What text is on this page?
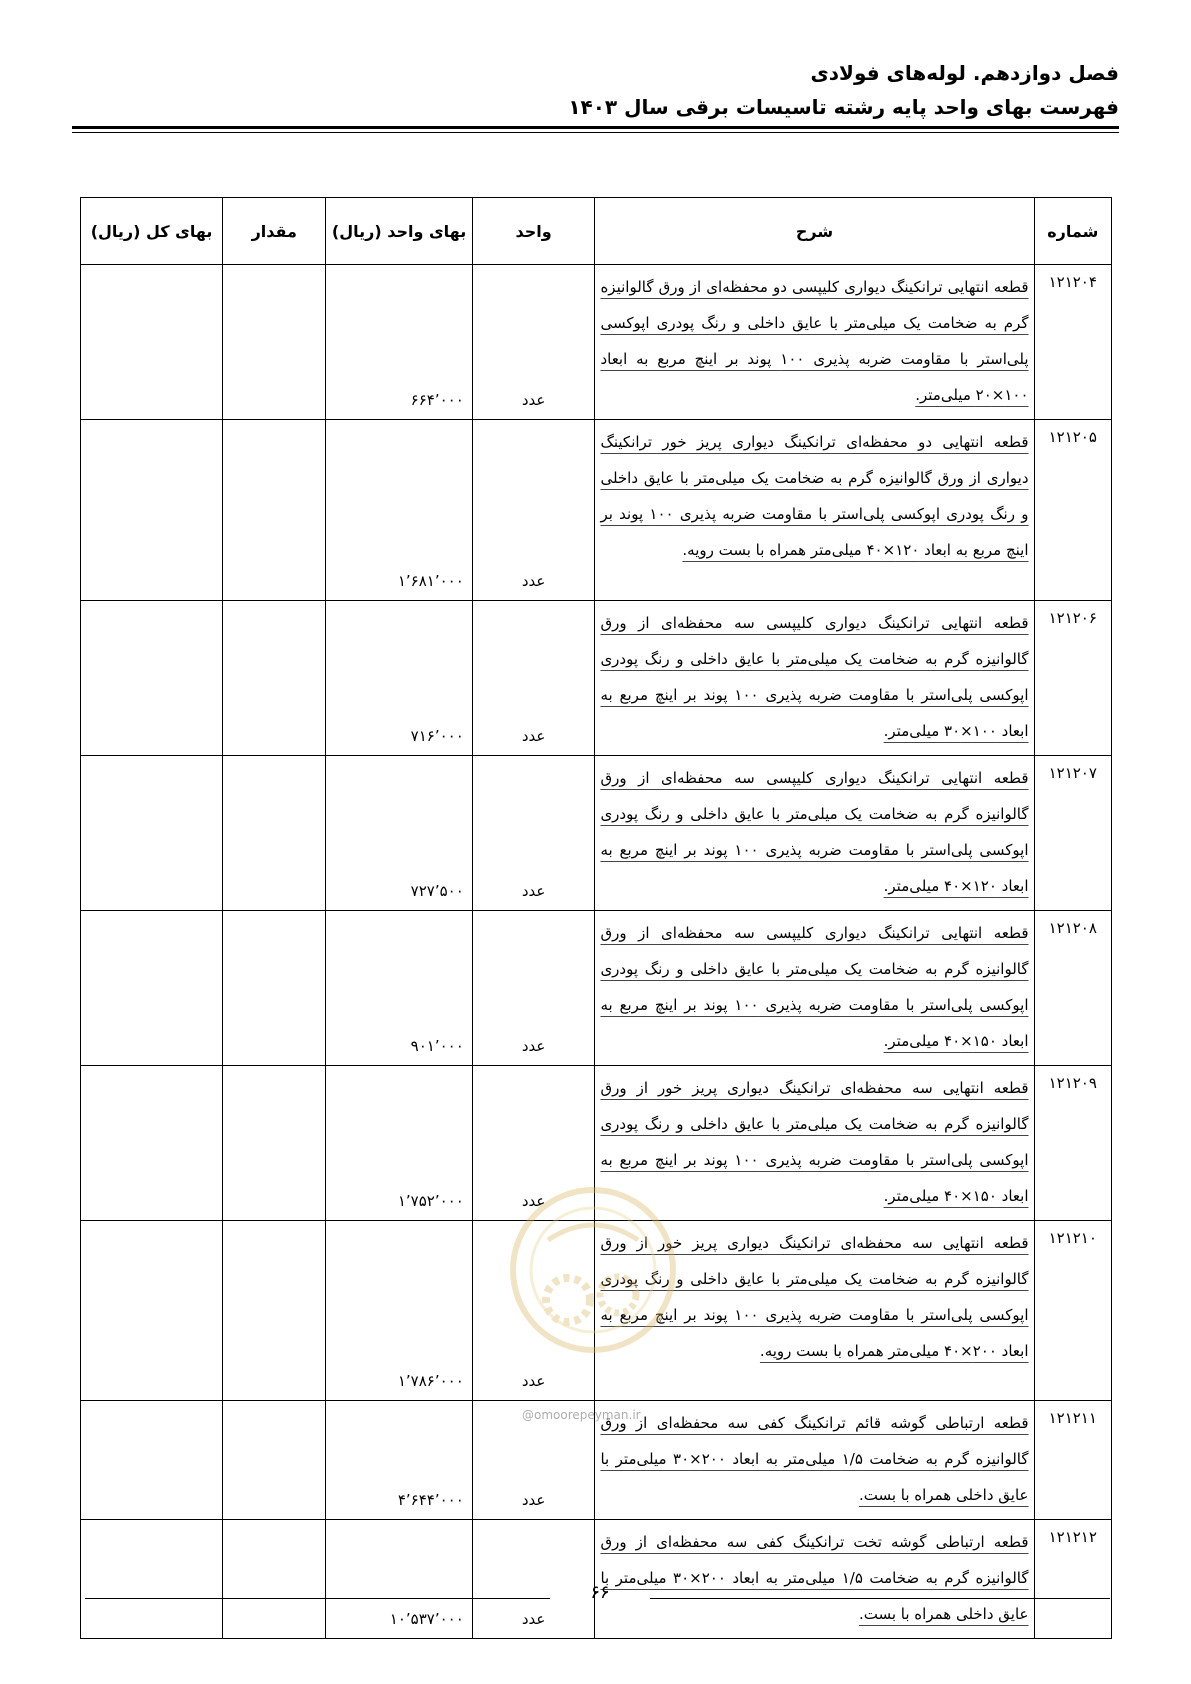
فصل دوازدهم. لوله‌های فولادی
فهرست بهای واحد پایه رشته تاسیسات برقی سال ۱۴۰۳
شماره	شرح	واحد	بهای واحد (ریال)	مقدار	بهای کل (ریال)
۱۲۱۲۰۴	قطعه انتهایی ترانکینگ دیواری کلیپسی دو محفظه‌ای از ورق گالوانیزه گرم به ضخامت یک میلی‌متر با عایق داخلی و رنگ پودری اپوکسی پلی‌استر با مقاومت ضربه پذیری ۱۰۰ پوند بر اینچ مربع به ابعاد ۱۰۰×۲۰ میلی‌متر.	عدد	۶۶۴’۰۰۰		
۱۲۱۲۰۵	قطعه انتهایی دو محفظه‌ای ترانکینگ دیواری پریز خور ترانکینگ دیواری از ورق گالوانیزه گرم به ضخامت یک میلی‌متر با عایق داخلی و رنگ پودری اپوکسی پلی‌استر با مقاومت ضربه پذیری ۱۰۰ پوند بر اینچ مربع به ابعاد ۱۲۰×۴۰ میلی‌متر همراه با بست رویه.	عدد	۱’۶۸۱’۰۰۰		
۱۲۱۲۰۶	قطعه انتهایی ترانکینگ دیواری کلیپسی سه محفظه‌ای از ورق گالوانیزه گرم به ضخامت یک میلی‌متر با عایق داخلی و رنگ پودری اپوکسی پلی‌استر با مقاومت ضربه پذیری ۱۰۰ پوند بر اینچ مربع به ابعاد ۱۰۰×۳۰ میلی‌متر.	عدد	۷۱۶’۰۰۰		
۱۲۱۲۰۷	قطعه انتهایی ترانکینگ دیواری کلیپسی سه محفظه‌ای از ورق گالوانیزه گرم به ضخامت یک میلی‌متر با عایق داخلی و رنگ پودری اپوکسی پلی‌استر با مقاومت ضربه پذیری ۱۰۰ پوند بر اینچ مربع به ابعاد ۱۲۰×۴۰ میلی‌متر.	عدد	۷۲۷’۵۰۰		
۱۲۱۲۰۸	قطعه انتهایی ترانکینگ دیواری کلیپسی سه محفظه‌ای از ورق گالوانیزه گرم به ضخامت یک میلی‌متر با عایق داخلی و رنگ پودری اپوکسی پلی‌استر با مقاومت ضربه پذیری ۱۰۰ پوند بر اینچ مربع به ابعاد ۱۵۰×۴۰ میلی‌متر.	عدد	۹۰۱’۰۰۰		
۱۲۱۲۰۹	قطعه انتهایی سه محفظه‌ای ترانکینگ دیواری پریز خور از ورق گالوانیزه گرم به ضخامت یک میلی‌متر با عایق داخلی و رنگ پودری اپوکسی پلی‌استر با مقاومت ضربه پذیری ۱۰۰ پوند بر اینچ مربع به ابعاد ۱۵۰×۴۰ میلی‌متر.	عدد	۱’۷۵۲’۰۰۰		
۱۲۱۲۱۰	قطعه انتهایی سه محفظه‌ای ترانکینگ دیواری پریز خور از ورق گالوانیزه گرم به ضخامت یک میلی‌متر با عایق داخلی و رنگ پودری اپوکسی پلی‌استر با مقاومت ضربه پذیری ۱۰۰ پوند بر اینچ مربع به ابعاد ۲۰۰×۴۰ میلی‌متر همراه با بست رویه.	عدد	۱’۷۸۶’۰۰۰		
۱۲۱۲۱۱	قطعه ارتباطی گوشه قائم ترانکینگ کفی سه محفظه‌ای از ورق گالوانیزه گرم به ضخامت ۱/۵ میلی‌متر به ابعاد ۲۰۰×۳۰ میلی‌متر با عایق داخلی همراه با بست.	عدد	۴’۶۴۴’۰۰۰		
۱۲۱۲۱۲	قطعه ارتباطی گوشه تخت ترانکینگ کفی سه محفظه‌ای از ورق گالوانیزه گرم به ضخامت ۱/۵ میلی‌متر به ابعاد ۲۰۰×۳۰ میلی‌متر با عایق داخلی همراه با بست.	عدد	۱۰’۵۳۷’۰۰۰		
@omoorepeyman.ir
۶۶
